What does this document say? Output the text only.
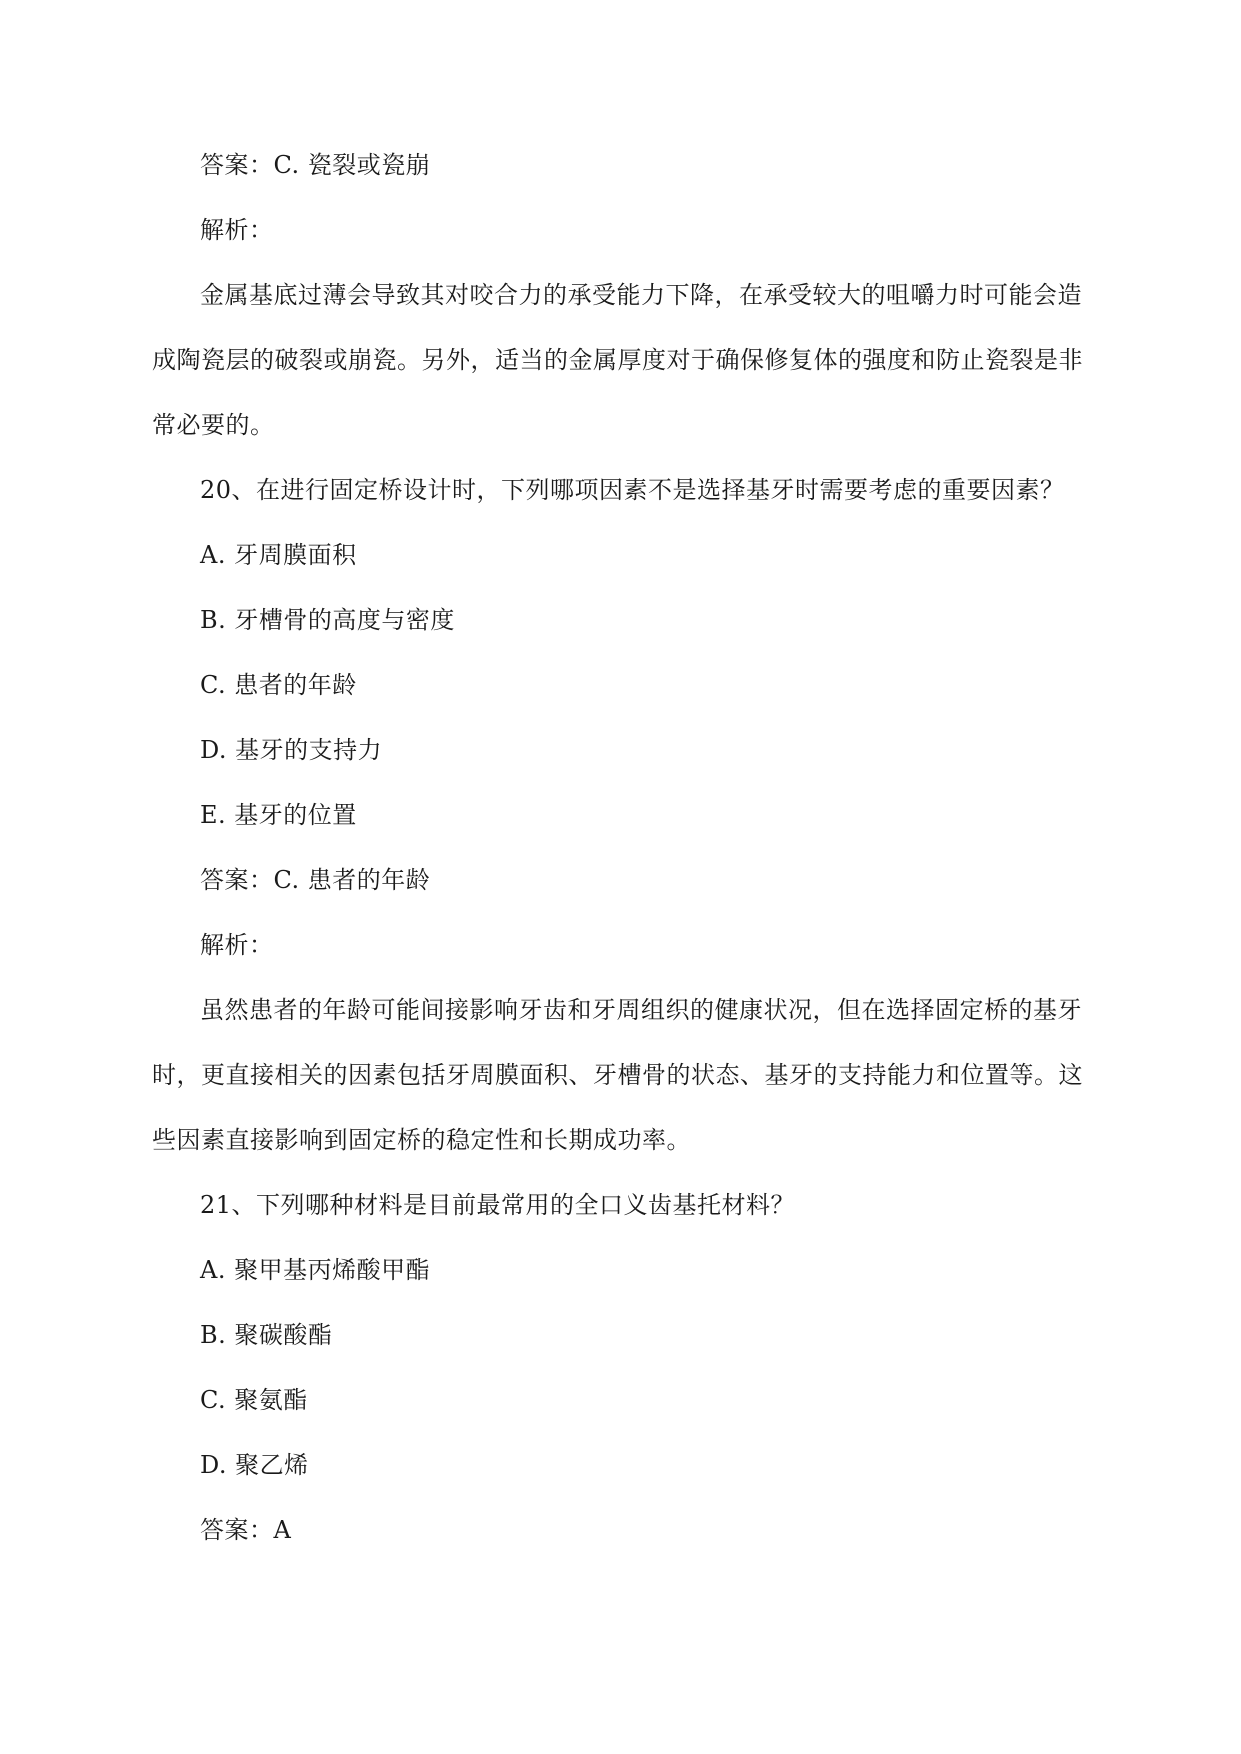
答案：C. 瓷裂或瓷崩
解析：
金属基底过薄会导致其对咬合力的承受能力下降，在承受较大的咀嚼力时可能会造
成陶瓷层的破裂或崩瓷。另外，适当的金属厚度对于确保修复体的强度和防止瓷裂是非
常必要的。
20、在进行固定桥设计时，下列哪项因素不是选择基牙时需要考虑的重要因素？
A. 牙周膜面积
B. 牙槽骨的高度与密度
C. 患者的年龄
D. 基牙的支持力
E. 基牙的位置
答案：C. 患者的年龄
解析：
虽然患者的年龄可能间接影响牙齿和牙周组织的健康状况，但在选择固定桥的基牙
时，更直接相关的因素包括牙周膜面积、牙槽骨的状态、基牙的支持能力和位置等。这
些因素直接影响到固定桥的稳定性和长期成功率。
21、下列哪种材料是目前最常用的全口义齿基托材料？
A. 聚甲基丙烯酸甲酯
B. 聚碳酸酯
C. 聚氨酯
D. 聚乙烯
答案：A
